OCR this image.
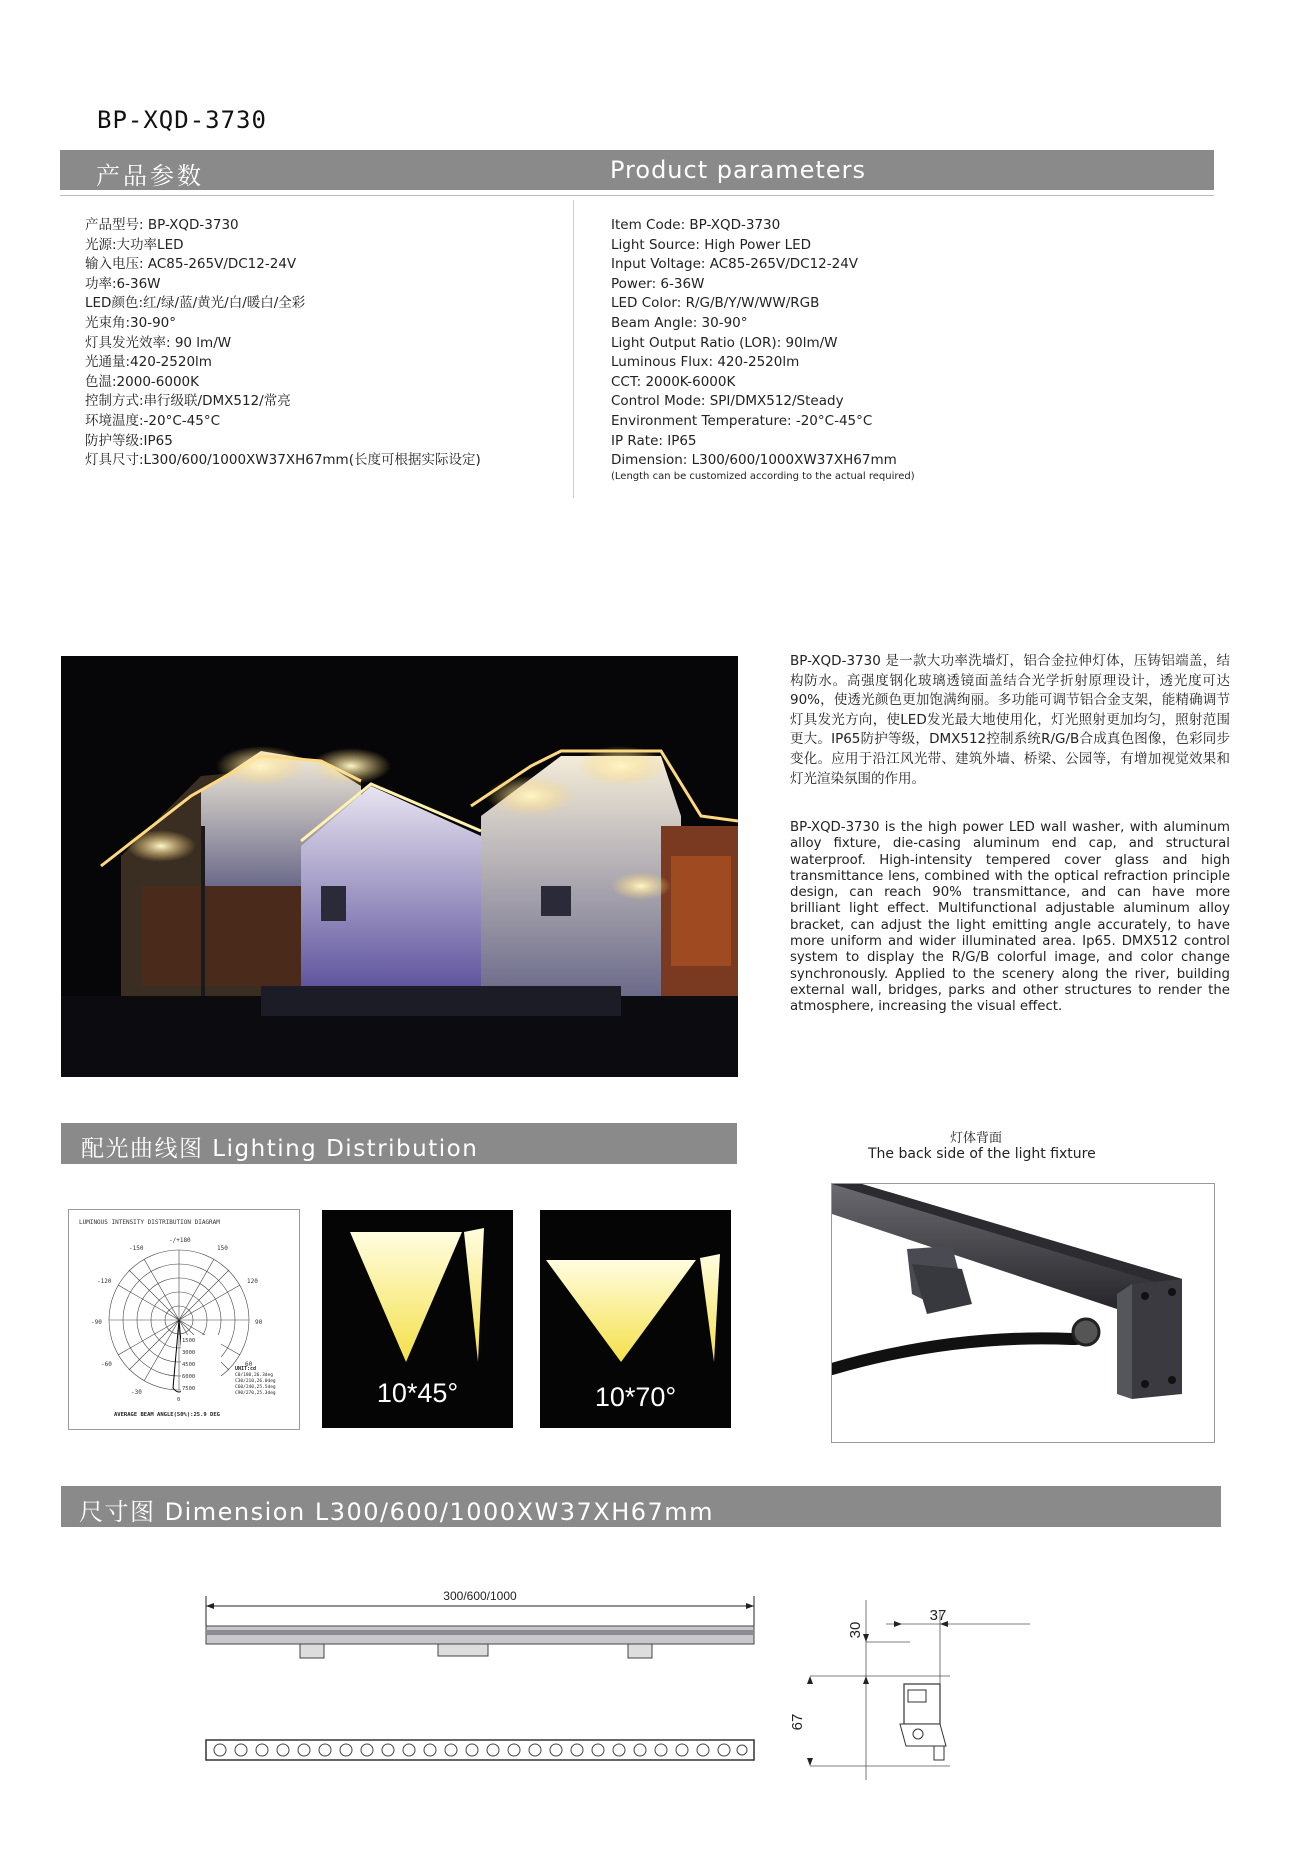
BP-XQD-3730
产品参数	Product parameters
产品型号: BP-XQD-3730
光源:大功率LED
输入电压: AC85-265V/DC12-24V
功率:6-36W
LED颜色:红/绿/蓝/黄光/白/暖白/全彩
光束角:30-90°
灯具发光效率: 90 lm/W
光通量:420-2520lm
色温:2000-6000K
控制方式:串行级联/DMX512/常亮
环境温度:-20°C-45°C
防护等级:IP65
灯具尺寸:L300/600/1000XW37XH67mm(长度可根据实际设定)
Item Code: BP-XQD-3730
Light Source: High Power LED
Input Voltage: AC85-265V/DC12-24V
Power: 6-36W
LED Color: R/G/B/Y/W/WW/RGB
Beam Angle: 30-90°
Light Output Ratio (LOR): 90lm/W
Luminous Flux: 420-2520lm
CCT: 2000K-6000K
Control Mode: SPI/DMX512/Steady
Environment Temperature: -20°C-45°C
IP Rate: IP65
Dimension: L300/600/1000XW37XH67mm
(Length can be customized according to the actual required)
BP-XQD-3730 是一款大功率洗墙灯，铝合金拉伸灯体，压铸铝端盖，结构防水。高强度钢化玻璃透镜面盖结合光学折射原理设计，透光度可达90%，使透光颜色更加饱满绚丽。多功能可调节铝合金支架，能精确调节灯具发光方向，使LED发光最大地使用化，灯光照射更加均匀，照射范围更大。IP65防护等级，DMX512控制系统R/G/B合成真色图像，色彩同步变化。应用于沿江风光带、建筑外墙、桥梁、公园等，有增加视觉效果和灯光渲染氛围的作用。
BP-XQD-3730 is the high power LED wall washer, with aluminum alloy fixture, die-casing aluminum end cap, and structural waterproof. High-intensity tempered cover glass and high transmittance lens, combined with the optical refraction principle design, can reach 90% transmittance, and can have more brilliant light effect. Multifunctional adjustable aluminum alloy bracket, can adjust the light emitting angle accurately, to have more uniform and wider illuminated area. Ip65. DMX512 control system to display the R/G/B colorful image, and color change synchronously. Applied to the scenery along the river, building external wall, bridges, parks and other structures to render the atmosphere, increasing the visual effect.
配光曲线图 Lighting Distribution	灯体背面
The back side of the light fixture
LUMINOUS INTENSITY DISTRIBUTION DIAGRAM
-/+180
-150
-120
-90
-60
-30
150
120
90
60
1500
3000
4500
6000
7500
0
UNIT:cd
C0/180,26.3deg
C30/210,26.0deg
C60/240,25.5deg
C90/270,25.3deg
AVERAGE BEAM ANGLE(50%):25.9 DEG
10*45°	10*70°
尺寸图 Dimension L300/600/1000XW37XH67mm
300/600/1000
30
37
67
